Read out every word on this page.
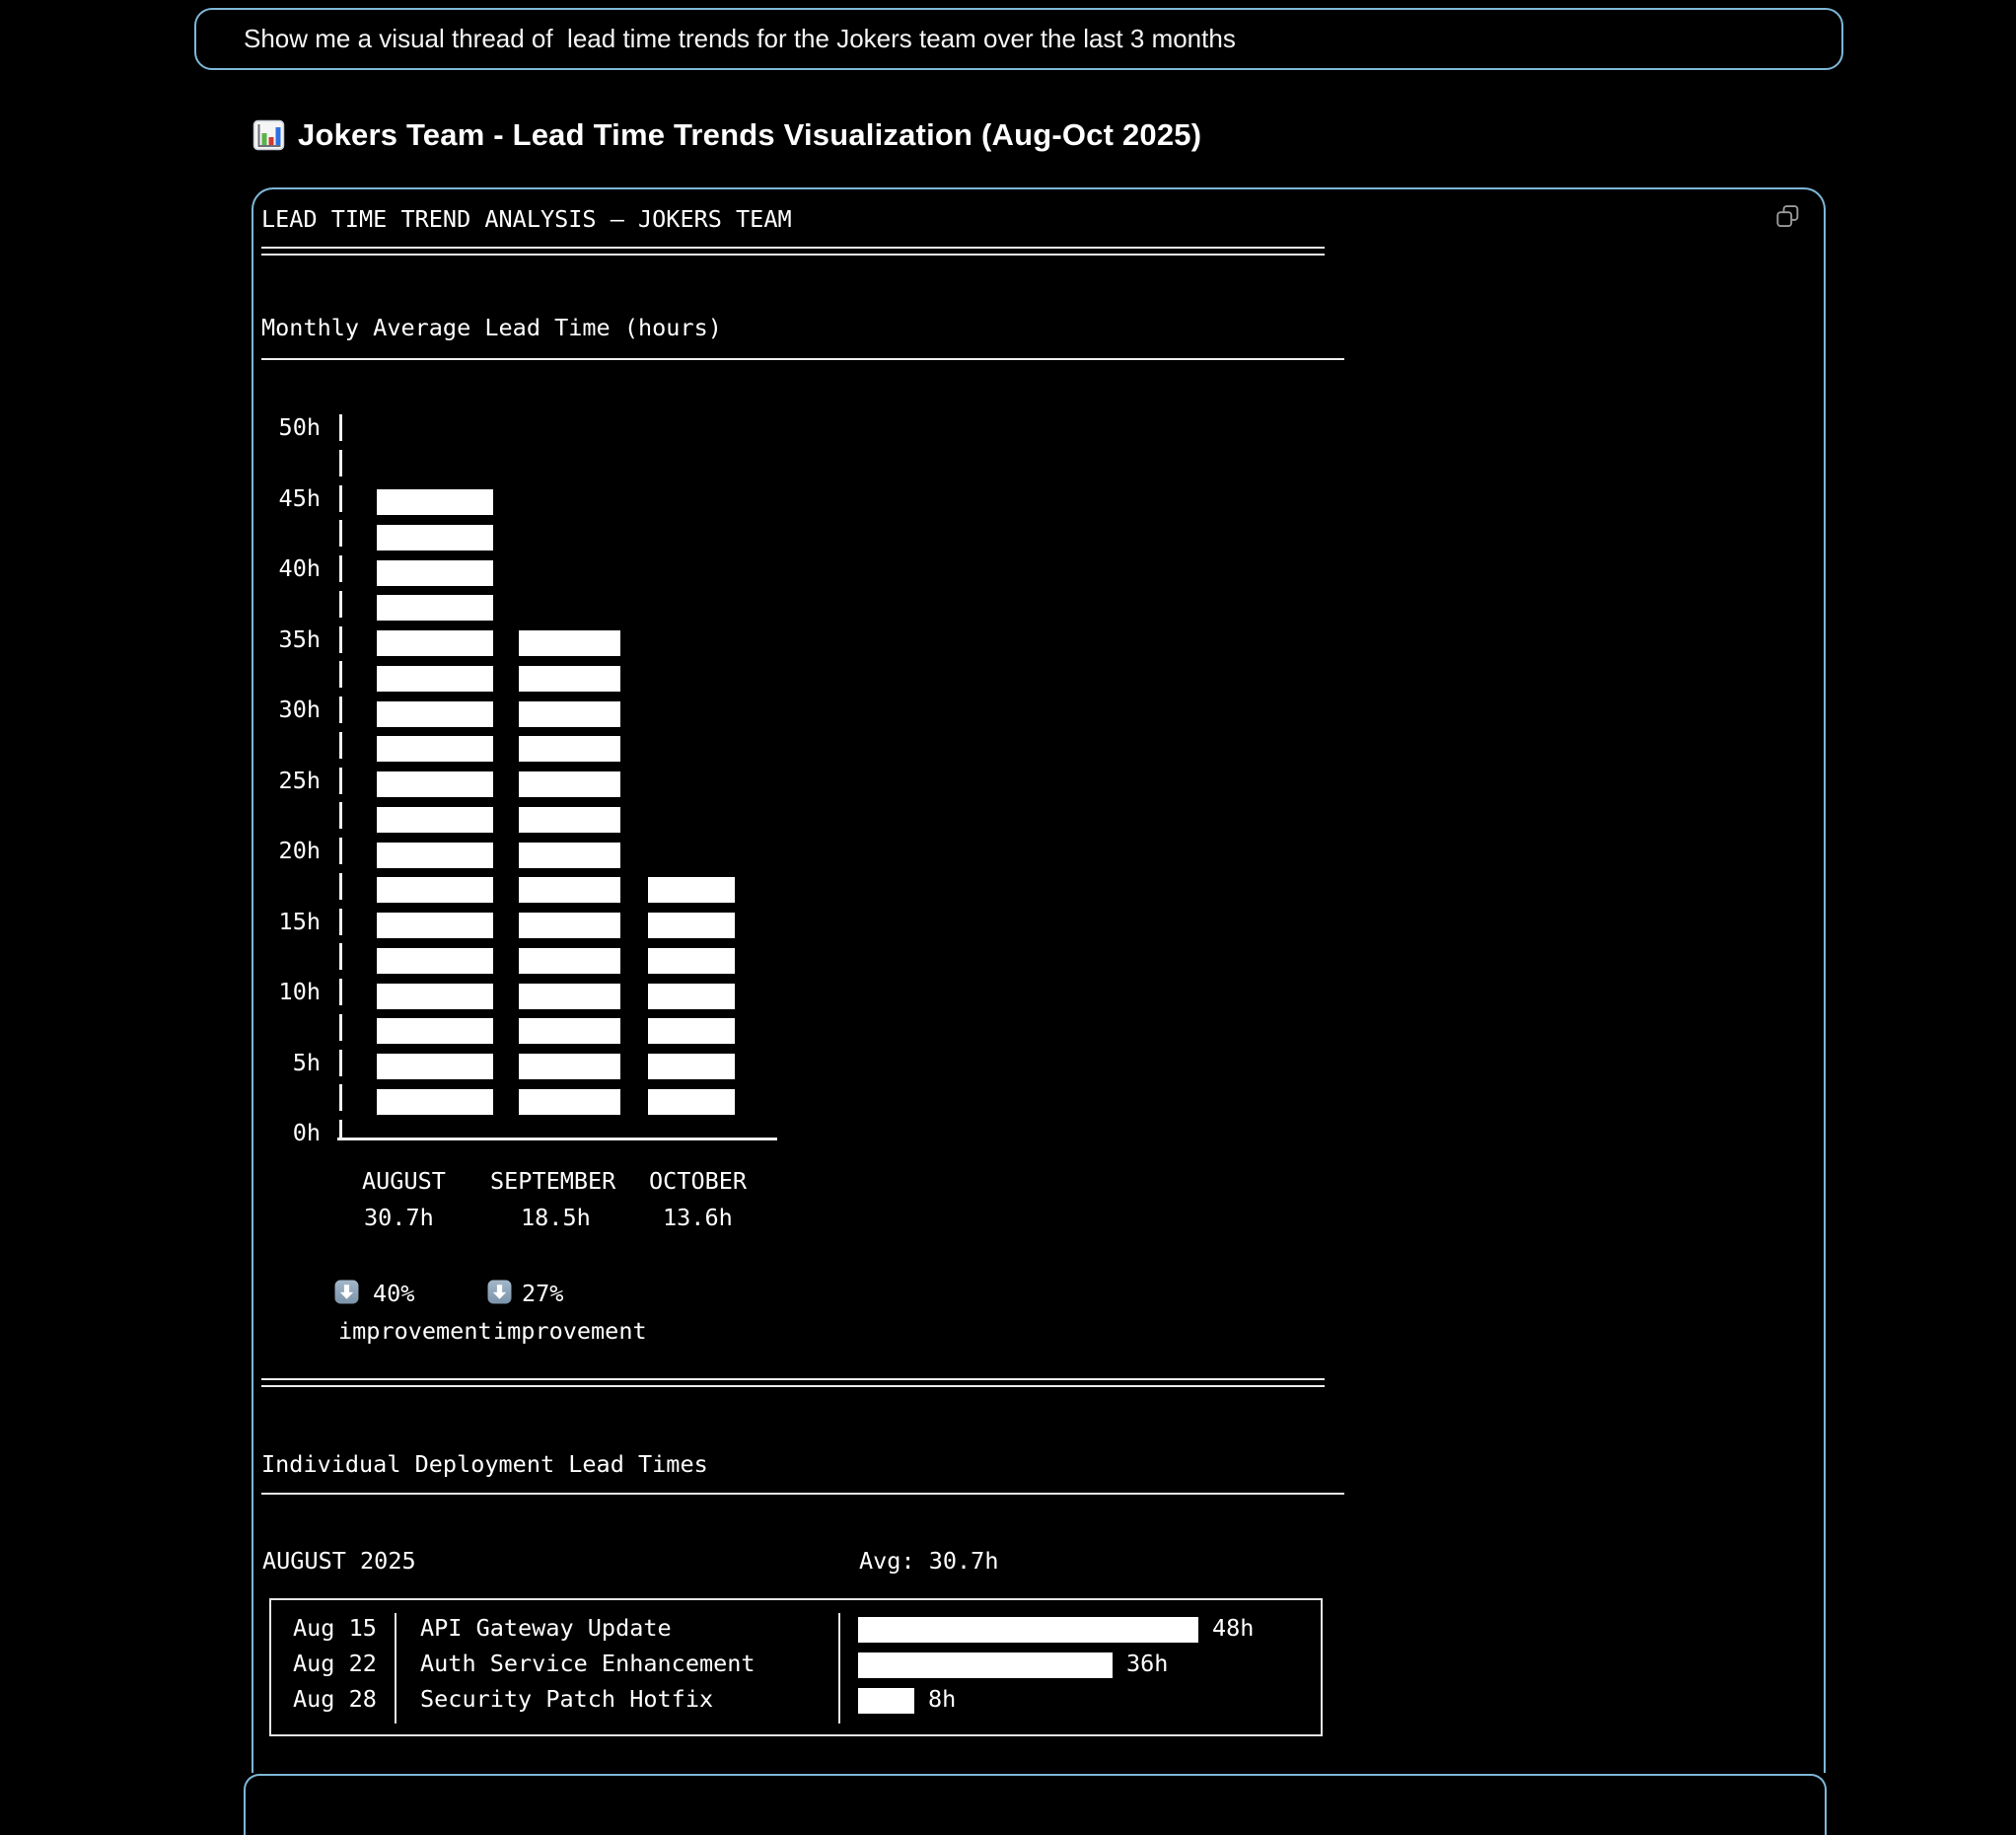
Show me a visual thread of  lead time trends for the Jokers team over the last 3 months
Jokers Team - Lead Time Trends Visualization (Aug-Oct 2025)
LEAD TIME TREND ANALYSIS — JOKERS TEAM
Monthly Average Lead Time (hours)
50h
45h
40h
35h
30h
25h
20h
15h
10h
5h
0h
AUGUST SEPTEMBER OCTOBER
30.7h	18.5h	13.6h
40%	27%
improvement improvement
Individual Deployment Lead Times
AUGUST 2025	Avg: 30.7h
Aug 15 API Gateway Update	48h
Aug 22 Auth Service Enhancement	36h
Aug 28 Security Patch Hotfix	8h
